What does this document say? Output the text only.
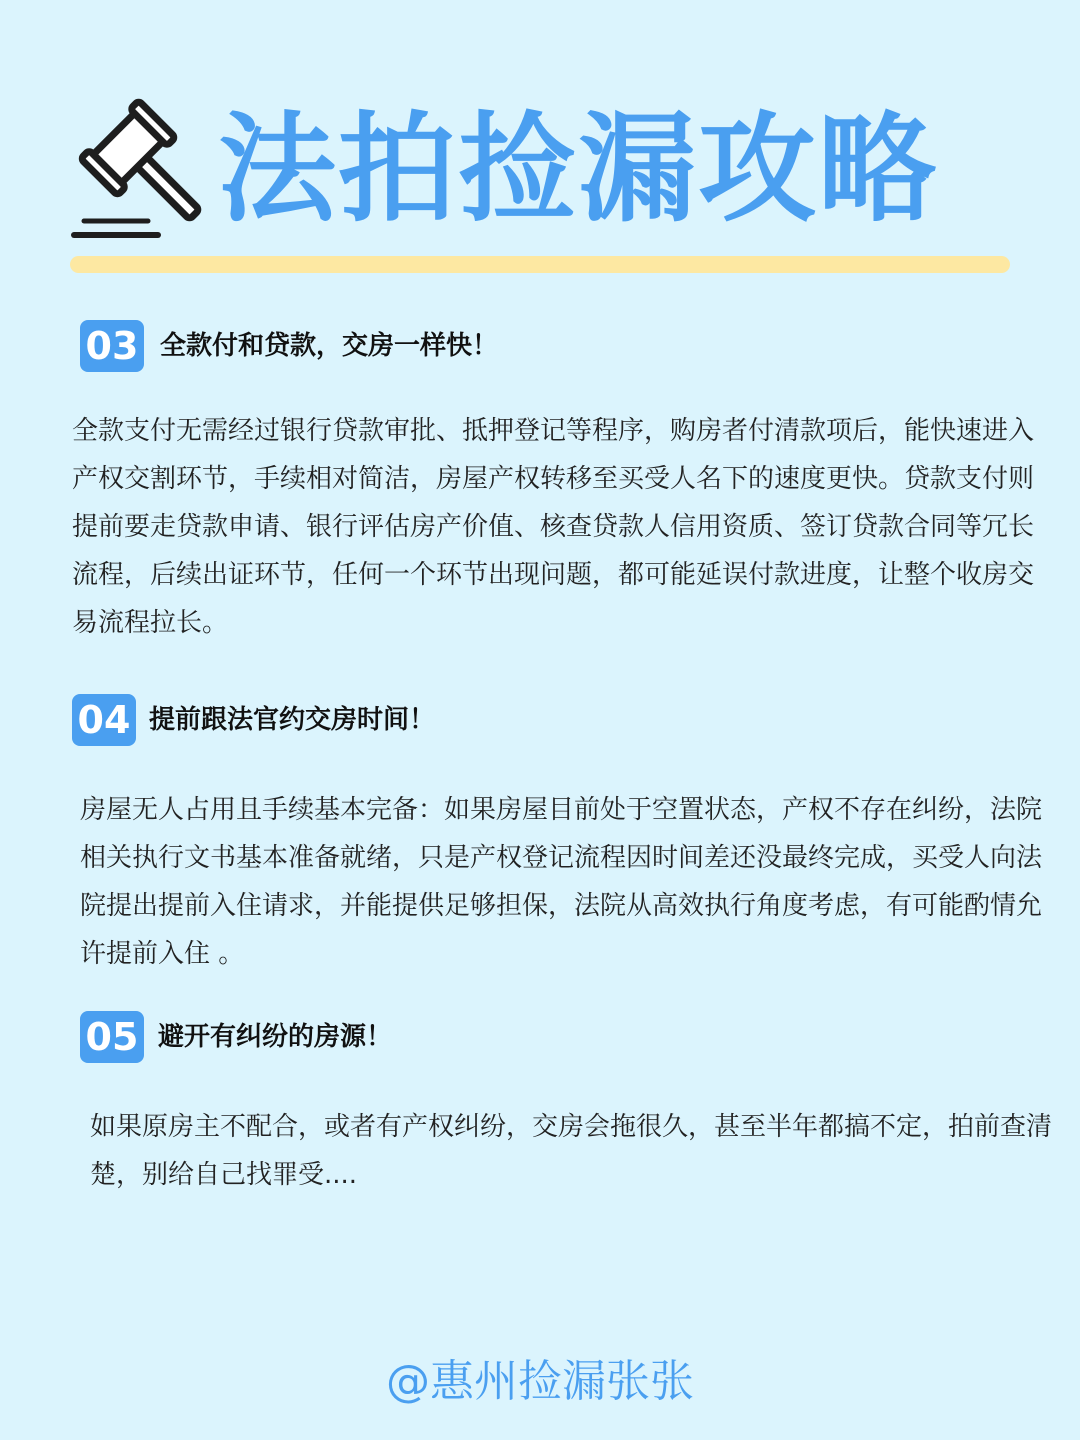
法拍捡漏攻略
03 全款付和贷款，交房一样快！

全款支付无需经过银行贷款审批、抵押登记等程序，购房者付清款项后，能快速进入产权交割环节，手续相对简洁，房屋产权转移至买受人名下的速度更快。贷款支付则提前要走贷款申请、银行评估房产价值、核查贷款人信用资质、签订贷款合同等冗长流程，后续出证环节，任何一个环节出现问题，都可能延误付款进度，让整个收房交易流程拉长。

04 提前跟法官约交房时间！

房屋无人占用且手续基本完备：如果房屋目前处于空置状态，产权不存在纠纷，法院相关执行文书基本准备就绪，只是产权登记流程因时间差还没最终完成，买受人向法院提出提前入住请求，并能提供足够担保，法院从高效执行角度考虑，有可能酌情允许提前入住 。

05 避开有纠纷的房源！

如果原房主不配合，或者有产权纠纷，交房会拖很久，甚至半年都搞不定，拍前查清楚，别给自己找罪受....

@惠州捡漏张张
